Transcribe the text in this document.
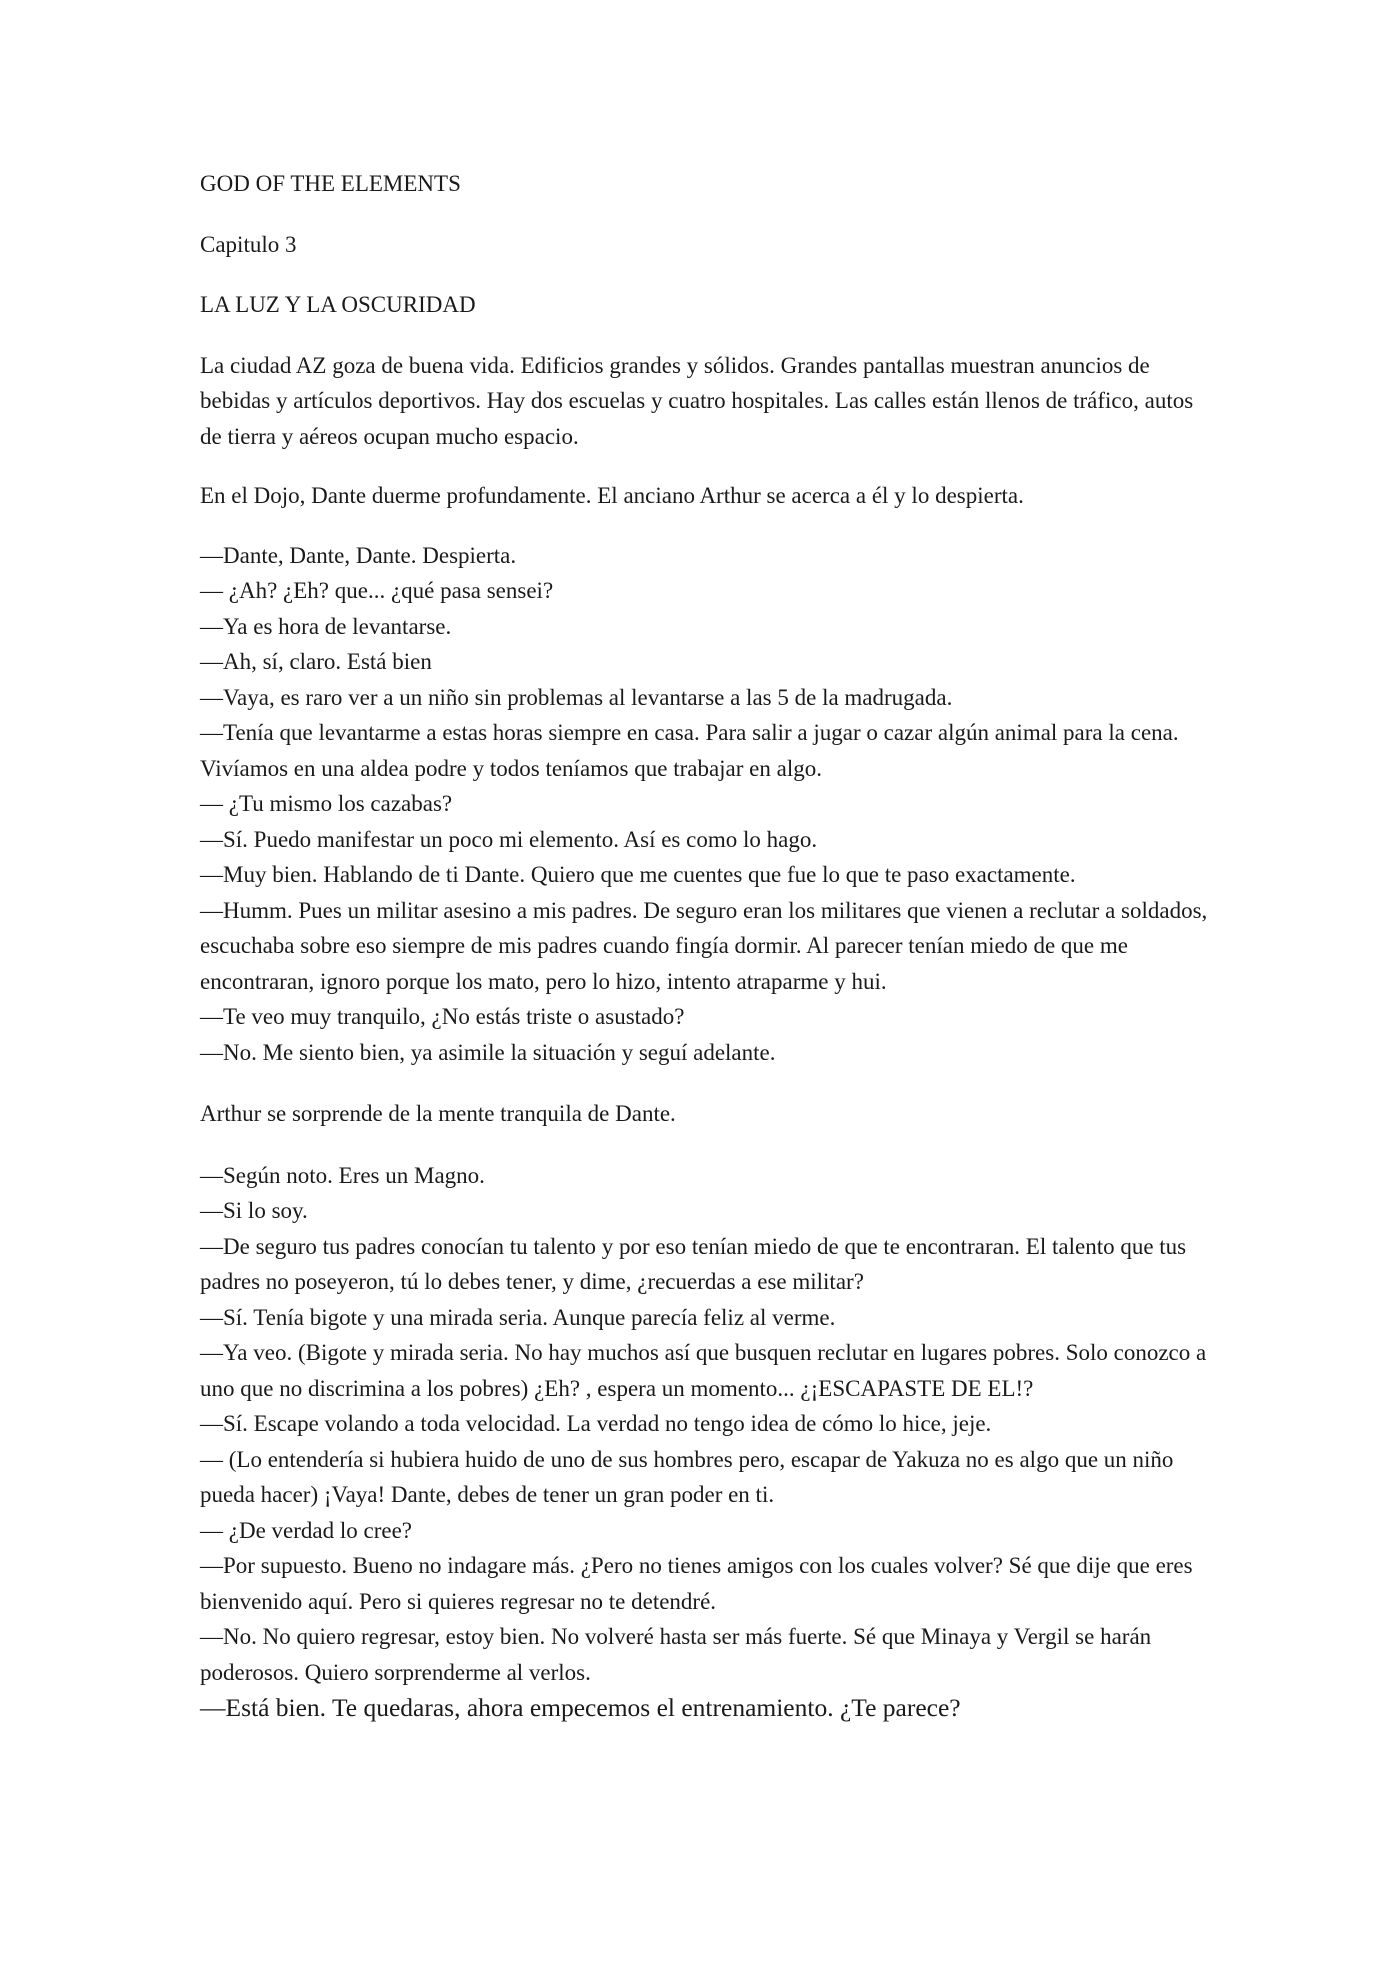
GOD OF THE ELEMENTS

Capitulo 3

LA LUZ Y LA OSCURIDAD

La ciudad AZ goza de buena vida. Edificios grandes y sólidos. Grandes pantallas muestran anuncios de bebidas y artículos deportivos. Hay dos escuelas y cuatro hospitales. Las calles están llenos de tráfico, autos de tierra y aéreos ocupan mucho espacio.

En el Dojo, Dante duerme profundamente. El anciano Arthur se acerca a él y lo despierta.

—Dante, Dante, Dante. Despierta.

— ¿Ah? ¿Eh? que... ¿qué pasa sensei?

—Ya es hora de levantarse.

—Ah, sí, claro. Está bien

—Vaya, es raro ver a un niño sin problemas al levantarse a las 5 de la madrugada.

—Tenía que levantarme a estas horas siempre en casa. Para salir a jugar o cazar algún animal para la cena. Vivíamos en una aldea podre y todos teníamos que trabajar en algo.

— ¿Tu mismo los cazabas?

—Sí. Puedo manifestar un poco mi elemento. Así es como lo hago.

—Muy bien. Hablando de ti Dante. Quiero que me cuentes que fue lo que te paso exactamente.

—Humm. Pues un militar asesino a mis padres. De seguro eran los militares que vienen a reclutar a soldados, escuchaba sobre eso siempre de mis padres cuando fingía dormir. Al parecer tenían miedo de que me encontraran, ignoro porque los mato, pero lo hizo, intento atraparme y hui.

—Te veo muy tranquilo, ¿No estás triste o asustado?

—No. Me siento bien, ya asimile la situación y seguí adelante.

Arthur se sorprende de la mente tranquila de Dante.

—Según noto. Eres un Magno.

—Si lo soy.

—De seguro tus padres conocían tu talento y por eso tenían miedo de que te encontraran. El talento que tus padres no poseyeron, tú lo debes tener, y dime, ¿recuerdas a ese militar?

—Sí. Tenía bigote y una mirada seria. Aunque parecía feliz al verme.

—Ya veo. (Bigote y mirada seria. No hay muchos así que busquen reclutar en lugares pobres. Solo conozco a uno que no discrimina a los pobres) ¿Eh? , espera un momento... ¿¡ESCAPASTE DE EL!?

—Sí. Escape volando a toda velocidad. La verdad no tengo idea de cómo lo hice, jeje.

— (Lo entendería si hubiera huido de uno de sus hombres pero, escapar de Yakuza no es algo que un niño pueda hacer) ¡Vaya! Dante, debes de tener un gran poder en ti.

— ¿De verdad lo cree?

—Por supuesto. Bueno no indagare más. ¿Pero no tienes amigos con los cuales volver? Sé que dije que eres bienvenido aquí. Pero si quieres regresar no te detendré.

—No. No quiero regresar, estoy bien. No volveré hasta ser más fuerte. Sé que Minaya y Vergil se harán poderosos. Quiero sorprenderme al verlos.

—Está bien. Te quedaras, ahora empecemos el entrenamiento. ¿Te parece?
